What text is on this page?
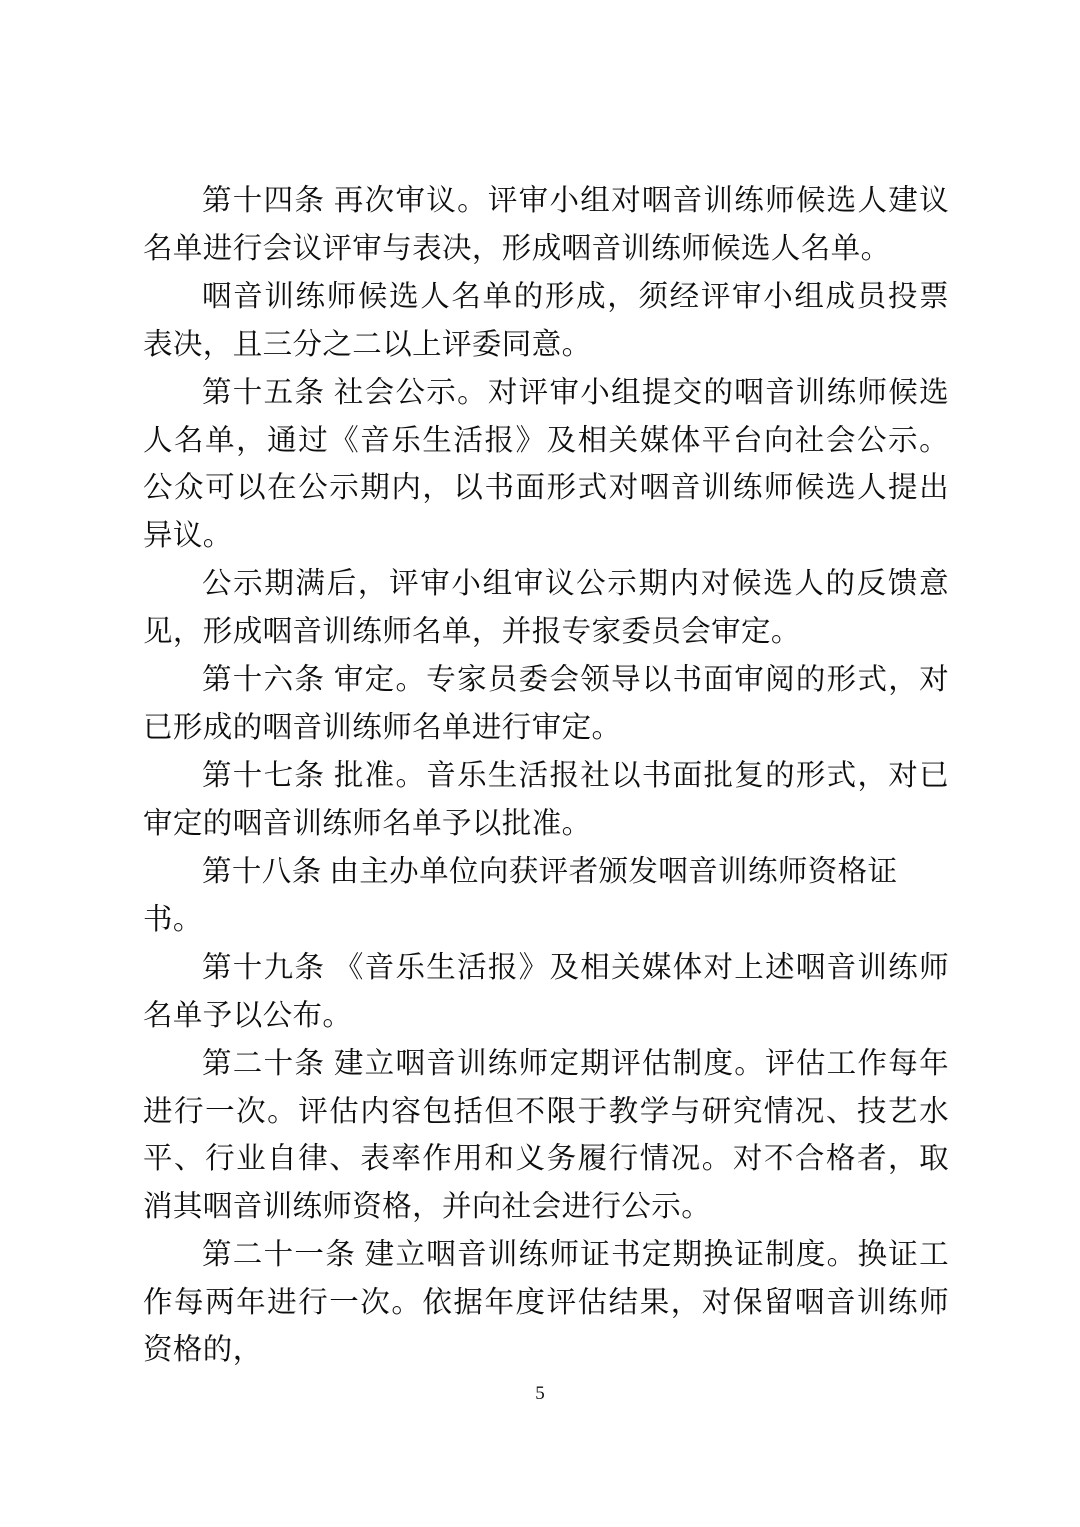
第十四条 再次审议。评审小组对咽音训练师候选人建议名单进行会议评审与表决，形成咽音训练师候选人名单。

咽音训练师候选人名单的形成，须经评审小组成员投票表决，且三分之二以上评委同意。

第十五条 社会公示。对评审小组提交的咽音训练师候选人名单，通过《音乐生活报》及相关媒体平台向社会公示。公众可以在公示期内，以书面形式对咽音训练师候选人提出异议。

公示期满后，评审小组审议公示期内对候选人的反馈意见，形成咽音训练师名单，并报专家委员会审定。

第十六条 审定。专家员委会领导以书面审阅的形式，对已形成的咽音训练师名单进行审定。

第十七条 批准。音乐生活报社以书面批复的形式，对已审定的咽音训练师名单予以批准。

第十八条 由主办单位向获评者颁发咽音训练师资格证书。

第十九条 《音乐生活报》及相关媒体对上述咽音训练师名单予以公布。

第二十条 建立咽音训练师定期评估制度。评估工作每年进行一次。评估内容包括但不限于教学与研究情况、技艺水平、行业自律、表率作用和义务履行情况。对不合格者，取消其咽音训练师资格，并向社会进行公示。

第二十一条 建立咽音训练师证书定期换证制度。换证工作每两年进行一次。依据年度评估结果，对保留咽音训练师资格的，

5
